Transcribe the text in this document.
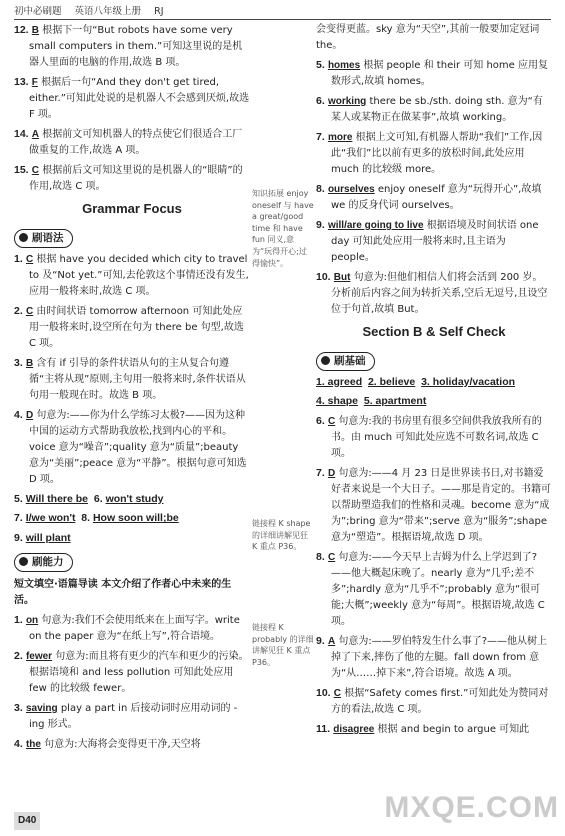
初中必刷题 英语八年级上册 RJ
12. B 根据下一句“But robots have some very small computers in them.”可知这里说的是机器人里面的电脑的作用,故选 B 项。
13. F 根据后一句“And they don't get tired, either.”可知此处说的是机器人不会感到厌烦,故选 F 项。
14. A 根据前文可知机器人的特点使它们很适合工厂做重复的工作,故选 A 项。
15. C 根据前后文可知这里说的是机器人的“眼睛”的作用,故选 C 项。
Grammar Focus
刷语法
1. C 根据 have you decided which city to travel to 及“Not yet.”可知,去伦敦这个事情还没有发生,应用一般将来时,故选 C 项。
2. C 由时间状语 tomorrow afternoon 可知此处应用一般将来时,设空所在句为 there be 句型,故选 C 项。
3. B 含有 if 引导的条件状语从句的主从复合句遵循“主将从现”原则,主句用一般将来时,条件状语从句用一般现在时。故选 B 项。
4. D 句意为:——你为什么学练习太极?——因为这种中国的运动方式帮助我放松,找到内心的平和。voice 意为“噪音”;quality 意为“质量”;beauty 意为“美丽”;peace 意为“平静”。根据句意可知选 D 项。
5. Will there be 6. won't study
7. I/we won't 8. How soon will;be
9. will plant
刷能力
短文填空·语篇导读 本文介绍了作者心中未来的生活。
1. on 句意为:我们不会使用纸来在上面写字。write on the paper 意为“在纸上写”,符合语境。
2. fewer 句意为:而且将有更少的汽车和更少的污染。根据语境和 and less pollution 可知此处应用 few 的比较级 fewer。
3. saving play a part in 后接动词时应用动词的 -ing 形式。
4. the 句意为:大海将会变得更干净,天空将
知识拓展 enjoy oneself 与 have a great/good time 和 have fun 同义,意为“玩得开心;过得愉快”。
链接程 K shape 的详细讲解见狂 K 重点 P36。
链接程 K probably 的详细讲解见狂 K 重点 P36。
会变得更蓝。sky 意为“天空”,其前一般要加定冠词 the。
5. homes 根据 people 和 their 可知 home 应用复数形式,故填 homes。
6. working there be sb./sth. doing sth. 意为“有某人或某物正在做某事”,故填 working。
7. more 根据上文可知,有机器人帮助“我们”工作,因此“我们”比以前有更多的放松时间,此处应用 much 的比较级 more。
8. ourselves enjoy oneself 意为“玩得开心”,故填 we 的反身代词 ourselves。
9. will/are going to live 根据语境及时间状语 one day 可知此处应用一般将来时,且主语为 people。
10. But 句意为:但他们相信人们将会活到 200 岁。分析前后内容之间为转折关系,空后无逗号,且设空位于句首,故填 But。
Section B & Self Check
刷基础
1. agreed 2. believe 3. holiday/vacation
4. shape 5. apartment
6. C 句意为:我的书房里有很多空间供我放我所有的书。由 much 可知此处应选不可数名词,故选 C 项。
7. D 句意为:——4 月 23 日是世界读书日,对书籍爱好者来说是一个大日子。——那是肯定的。书籍可以帮助塑造我们的性格和灵魂。become 意为“成为”;bring 意为“带来”;serve 意为“服务”;shape 意为“塑造”。根据语境,故选 D 项。
8. C 句意为:——今天早上吉姆为什么上学迟到了?——他大概起床晚了。nearly 意为“几乎;差不多”;hardly 意为“几乎不”;probably 意为“很可能;大概”;weekly 意为“每周”。根据语境,故选 C 项。
9. A 句意为:——罗伯特发生什么事了?——他从树上掉了下来,摔伤了他的左腿。fall down from 意为“从……掉下来”,符合语境。故选 A 项。
10. C 根据“Safety comes first.”可知此处为赞同对方的看法,故选 C 项。
11. disagree 根据 and begin to argue 可知此
D40	MXQE.COM
